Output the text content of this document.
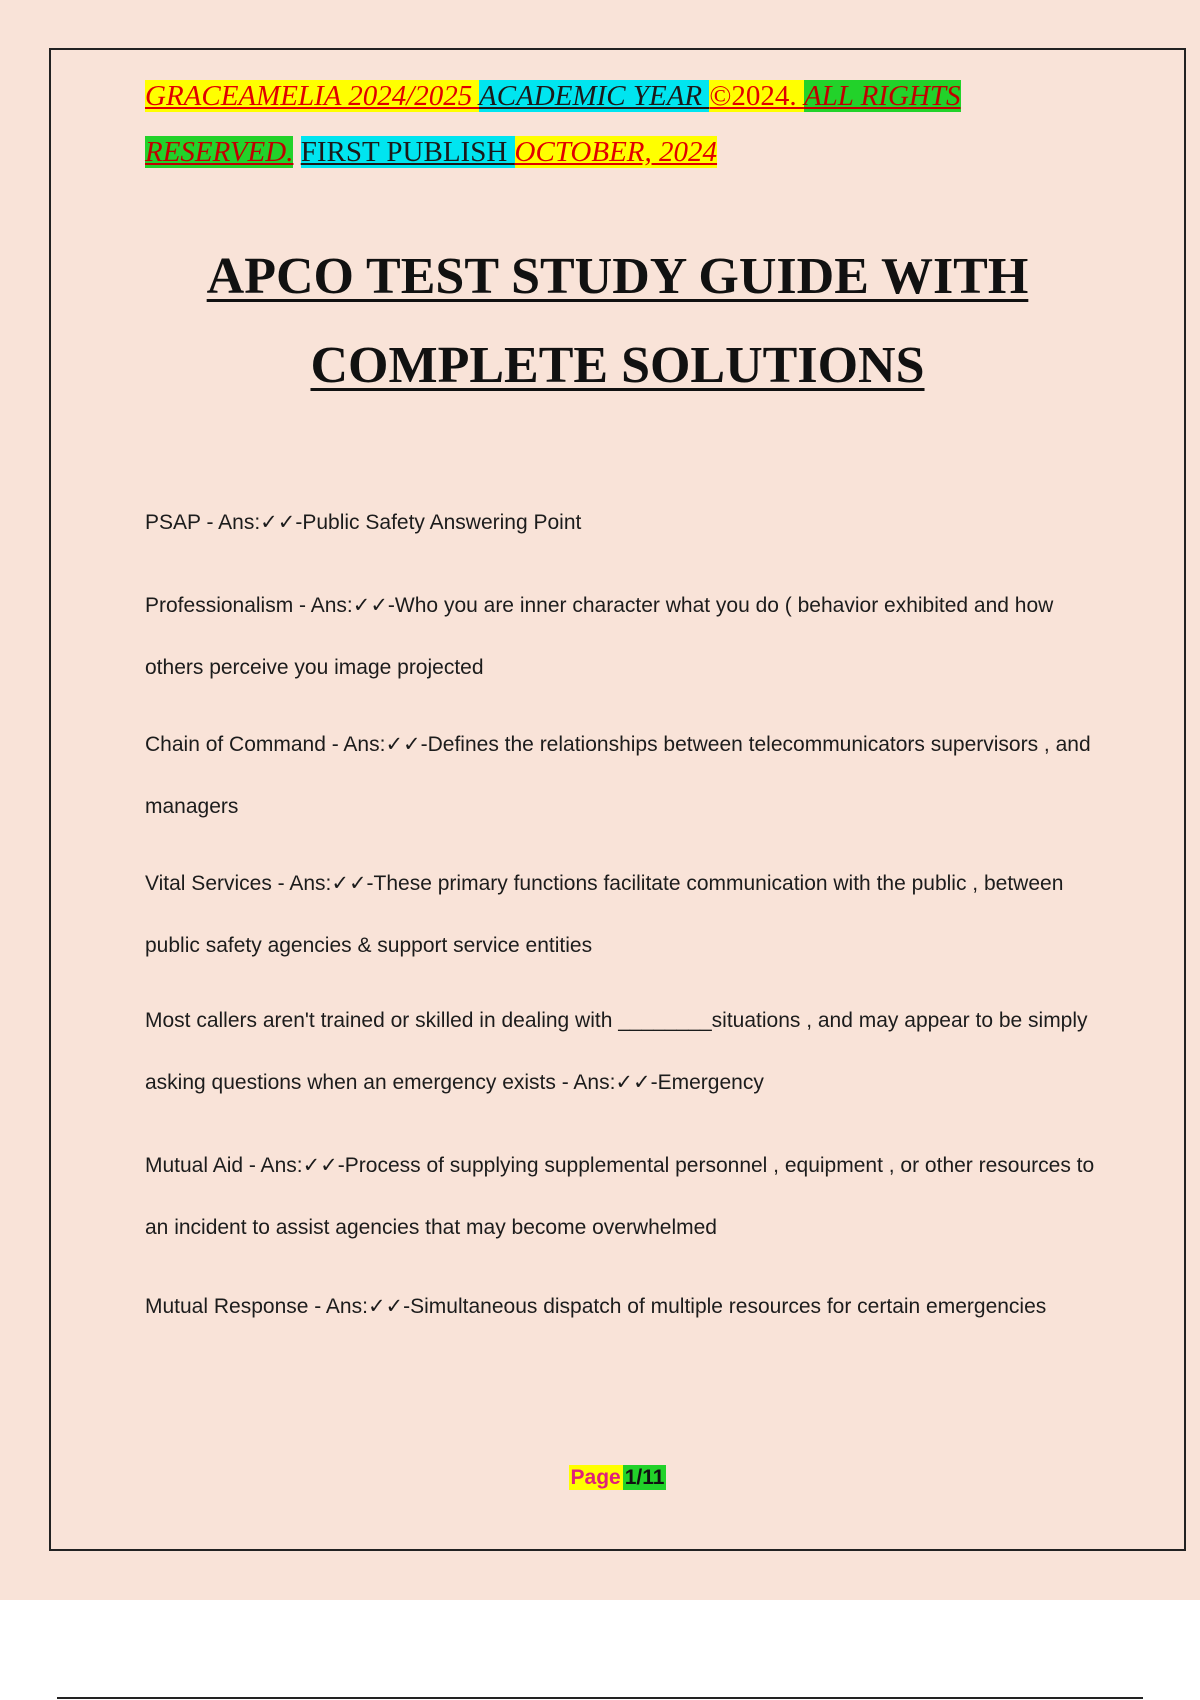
GRACEAMELIA 2024/2025 ACADEMIC YEAR ©2024. ALL RIGHTS RESERVED. FIRST PUBLISH OCTOBER, 2024
APCO TEST STUDY GUIDE WITH
COMPLETE SOLUTIONS
PSAP - Ans:✓✓-Public Safety Answering Point
Professionalism - Ans:✓✓-Who you are inner character what you do ( behavior exhibited and how others perceive you image projected
Chain of Command - Ans:✓✓-Defines the relationships between telecommunicators supervisors , and managers
Vital Services - Ans:✓✓-These primary functions facilitate communication with the public , between public safety agencies & support service entities
Most callers aren't trained or skilled in dealing with ________situations , and may appear to be simply asking questions when an emergency exists - Ans:✓✓-Emergency
Mutual Aid - Ans:✓✓-Process of supplying supplemental personnel , equipment , or other resources to an incident to assist agencies that may become overwhelmed
Mutual Response - Ans:✓✓-Simultaneous dispatch of multiple resources for certain emergencies
Page 1/11
